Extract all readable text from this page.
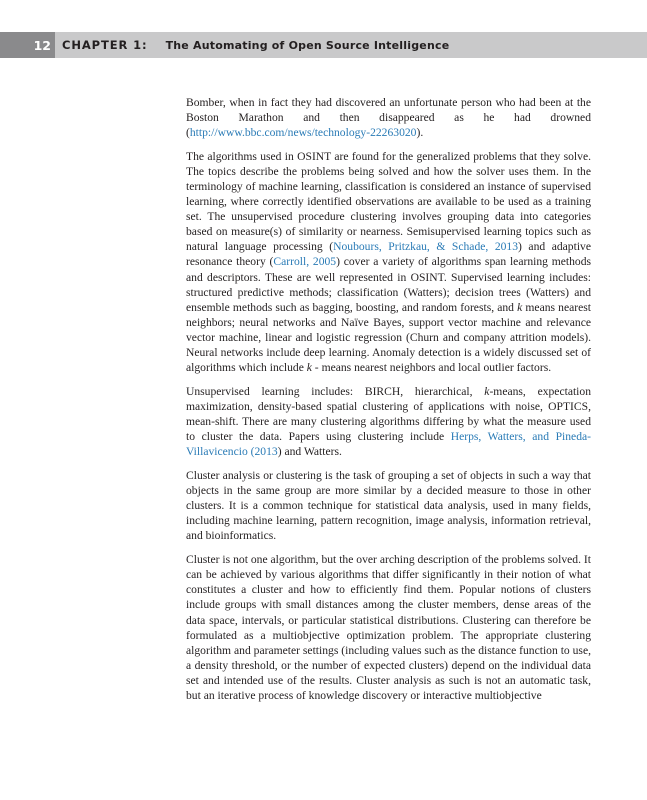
12 CHAPTER 1: The Automating of Open Source Intelligence

Bomber, when in fact they had discovered an unfortunate person who had been at the Boston Marathon and then disappeared as he had drowned (http://www.bbc.com/news/technology-22263020).

The algorithms used in OSINT are found for the generalized problems that they solve. The topics describe the problems being solved and how the solver uses them. In the terminology of machine learning, classification is considered an instance of supervised learning, where correctly identified observations are available to be used as a training set. The unsupervised procedure clustering involves grouping data into categories based on measure(s) of similarity or nearness. Semisupervised learning topics such as natural language processing (Noubours, Pritzkau, & Schade, 2013) and adaptive resonance theory (Carroll, 2005) cover a variety of algorithms span learning methods and descriptors. These are well represented in OSINT. Supervised learning includes: structured predictive methods; classification (Watters); decision trees (Watters) and ensemble methods such as bagging, boosting, and random forests, and k means nearest neighbors; neural networks and Naïve Bayes, support vector machine and relevance vector machine, linear and logistic regression (Churn and company attrition models). Neural networks include deep learning. Anomaly detection is a widely discussed set of algorithms which include k - means nearest neighbors and local outlier factors.

Unsupervised learning includes: BIRCH, hierarchical, k-means, expectation maximization, density-based spatial clustering of applications with noise, OPTICS, mean-shift. There are many clustering algorithms differing by what the measure used to cluster the data. Papers using clustering include Herps, Watters, and Pineda-Villavicencio (2013) and Watters.

Cluster analysis or clustering is the task of grouping a set of objects in such a way that objects in the same group are more similar by a decided measure to those in other clusters. It is a common technique for statistical data analysis, used in many fields, including machine learning, pattern recognition, image analysis, information retrieval, and bioinformatics.

Cluster is not one algorithm, but the over arching description of the problems solved. It can be achieved by various algorithms that differ significantly in their notion of what constitutes a cluster and how to efficiently find them. Popular notions of clusters include groups with small distances among the cluster members, dense areas of the data space, intervals, or particular statistical distributions. Clustering can therefore be formulated as a multiobjective optimization problem. The appropriate clustering algorithm and parameter settings (including values such as the distance function to use, a density threshold, or the number of expected clusters) depend on the individual data set and intended use of the results. Cluster analysis as such is not an automatic task, but an iterative process of knowledge discovery or interactive multiobjective
